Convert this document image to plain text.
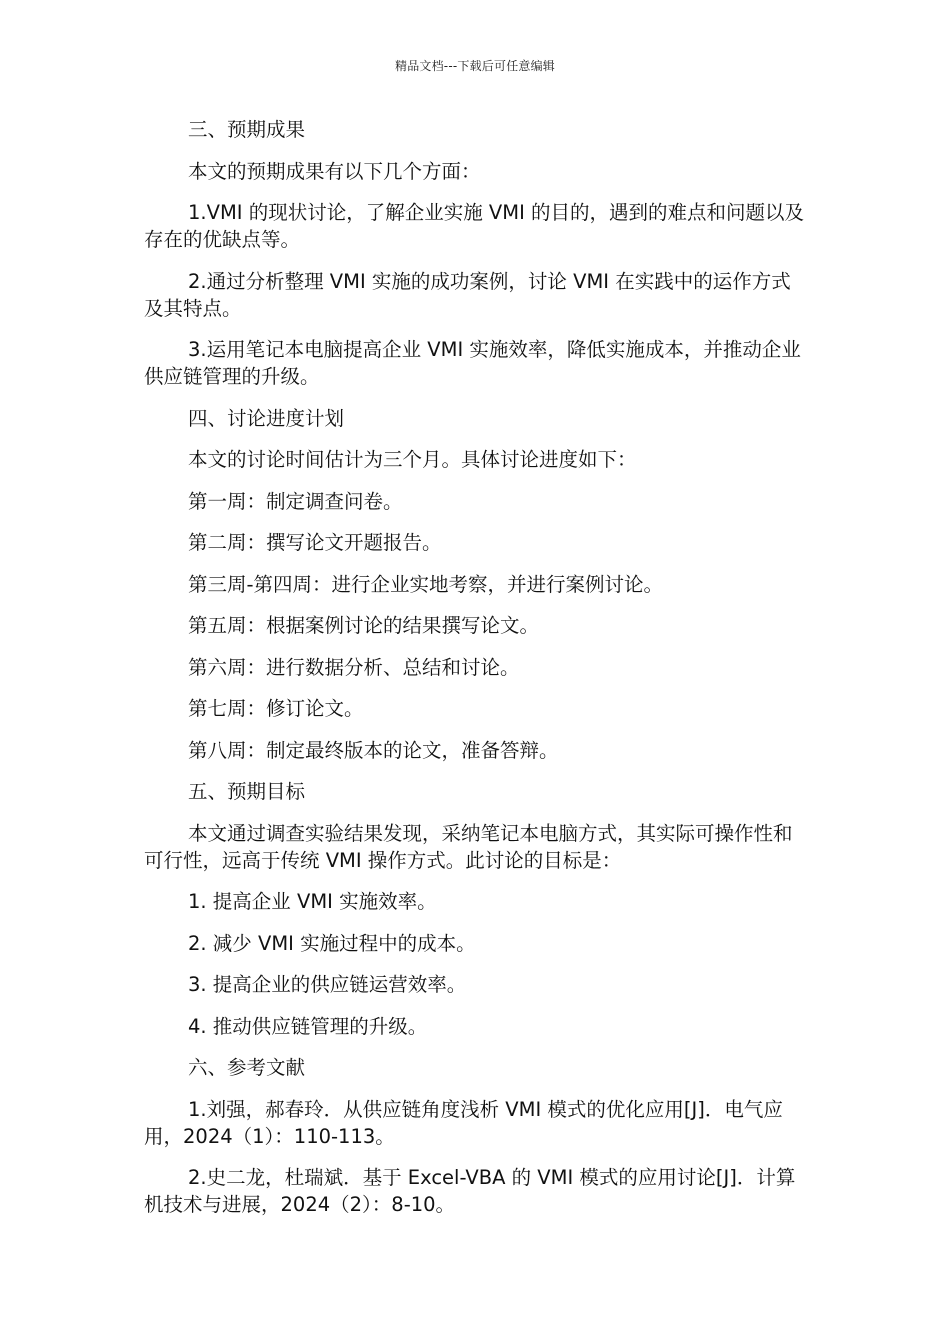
精品文档---下载后可任意编辑

三、预期成果

本文的预期成果有以下几个方面：

1.VMI 的现状讨论，了解企业实施 VMI 的目的，遇到的难点和问题以及存在的优缺点等。

2.通过分析整理 VMI 实施的成功案例，讨论 VMI 在实践中的运作方式及其特点。

3.运用笔记本电脑提高企业 VMI 实施效率，降低实施成本，并推动企业供应链管理的升级。

四、讨论进度计划

本文的讨论时间估计为三个月。具体讨论进度如下：

第一周：制定调查问卷。

第二周：撰写论文开题报告。

第三周-第四周：进行企业实地考察，并进行案例讨论。

第五周：根据案例讨论的结果撰写论文。

第六周：进行数据分析、总结和讨论。

第七周：修订论文。

第八周：制定最终版本的论文，准备答辩。

五、预期目标

本文通过调查实验结果发现，采纳笔记本电脑方式，其实际可操作性和可行性，远高于传统 VMI 操作方式。此讨论的目标是：

1. 提高企业 VMI 实施效率。

2. 减少 VMI 实施过程中的成本。

3. 提高企业的供应链运营效率。

4. 推动供应链管理的升级。

六、参考文献

1.刘强，郝春玲．从供应链角度浅析 VMI 模式的优化应用[J]．电气应用，2024（1）：110-113。

2.史二龙，杜瑞斌．基于 Excel-VBA 的 VMI 模式的应用讨论[J]．计算机技术与进展，2024（2）：8-10。
